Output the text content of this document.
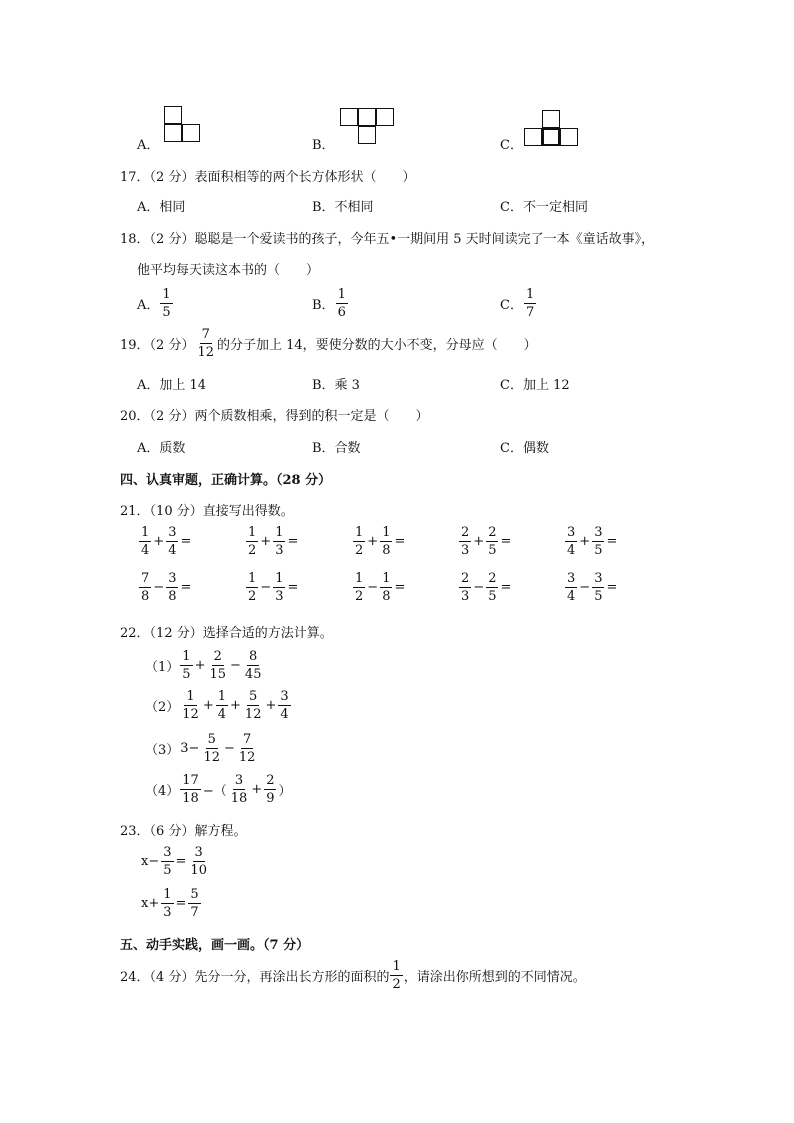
A．	B．	C．
17．（2 分）表面积相等的两个长方体形状（　　）
A．相同	B．不相同	C．不一定相同
18．（2 分）聪聪是一个爱读书的孩子，今年五•一期间用 5 天时间读完了一本《童话故事》，
他平均每天读这本书的（　　）
A． $\frac{1}{5}$	B． $\frac{1}{6}$	C． $\frac{1}{7}$
19．（2 分） $\frac{7}{12}$ 的分子加上 14，要使分数的大小不变，分母应（　　）
A．加上 14	B．乘 3	C．加上 12
20．（2 分）两个质数相乘，得到的积一定是（　　）
A．质数	B．合数	C．偶数
四、认真审题，正确计算。（28 分）
21．（10 分）直接写出得数。
$\frac{1}{4} + \frac{3}{4}$ =	$\frac{1}{2} + \frac{1}{3}$ =	$\frac{1}{2} + \frac{1}{8}$ =	$\frac{2}{3} + \frac{2}{5}$ =	$\frac{3}{4} + \frac{3}{5}$ =
$\frac{7}{8} - \frac{3}{8}$ =	$\frac{1}{2} - \frac{1}{3}$ =	$\frac{1}{2} - \frac{1}{8}$ =	$\frac{2}{3} - \frac{2}{5}$ =	$\frac{3}{4} - \frac{3}{5}$ =
22．（12 分）选择合适的方法计算。
$(1) \frac{1}{5} + \frac{2}{15} - \frac{8}{45}$
$(2) \frac{1}{12} + \frac{1}{4} + \frac{5}{12} + \frac{3}{4}$
（3） $3- \frac{5}{12} - \frac{7}{12}$
$(4) \frac{17}{18}$ −（ $\frac{3}{18} + \frac{2}{9}$ ）
23．（6 分）解方程。
$x- \frac{3}{5} = \frac{3}{10}$
$x+ \frac{1}{3} = \frac{5}{7}$
五、动手实践，画一画。（7 分）
24．（4 分）先分一分，再涂出长方形的面积的 $\frac{1}{2}$ ，请涂出你所想到的不同情况。
